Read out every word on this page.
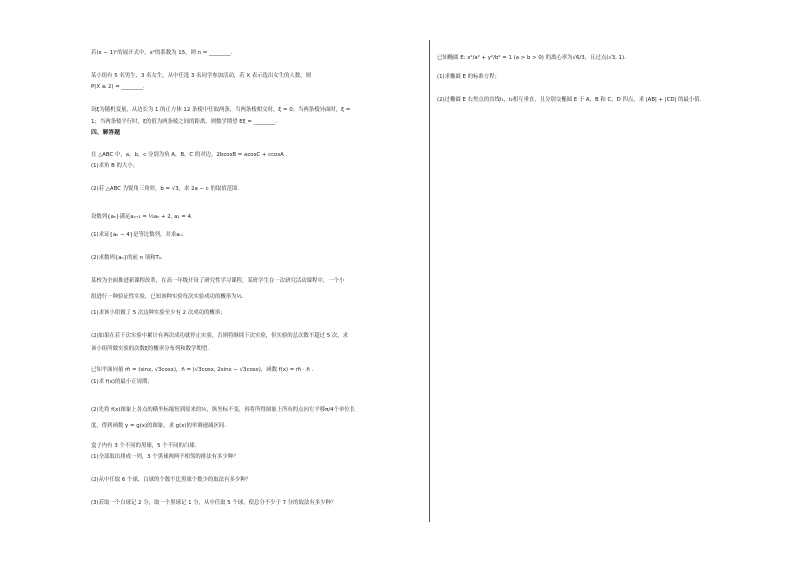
若(x − 1)ⁿ的展开式中，x²的系数为 15，则 n = ________.
某小组有 5 名男生、3 名女生，从中任选 3 名同学参加活动，若 X 表示选出女生的人数，则
P(X ≥ 2) = ________.
设ξ为随机变量，从边长为 1 的正方体 12 条棱中任取两条，当两条棱相交时，ξ = 0；当两条棱异面时，ξ =
1；当两条棱平行时，ξ的值为两条棱之间的距离，则数学期望 Eξ = ________.
四、解答题
在 △ABC 中，a，b，c 分别为角 A，B，C 的对边，2bcosB = acosC + ccosA .
(1)求角 B 的大小；
(2)若 △ABC 为锐角三角形，b = √3，求 2a − c 的取值范围.
设数列{aₙ}满足aₙ₊₁ = ½aₙ + 2, a₁ = 4.
(1)求证{aₙ − 4}是等比数列，并求aₙ；
(2)求数列{aₙ}的前 n 项和Tₙ.
某校为全面推进新课程改革，在高一年级开设了研究性学习课程，某班学生在一次研究活动课程中，一个小
组进行一种验证性实验，已知该种实验每次实验成功的概率为½.
(1)求该小组做了 5 次这种实验至少有 2 次成功的概率；
(2)如果在若干次实验中累计有两次成功就停止实验，否则将继续下次实验，但实验的总次数不超过 5 次，求
该小组所做实验的次数ξ的概率分布列和数学期望.
已知平面向量 m⃗ = (sinx, √3cosx)，n⃗ = (√3cosx, 2sinx − √3cosx)，函数 f(x) = m⃗ · n⃗ .
(1)求 f(x)的最小正周期；
(2)先将 f(x)图象上各点的横坐标缩短到原来的½，纵坐标不变，再将所得图象上所有的点向左平移π/4个单位长
度，得到函数 y = g(x)的图象，求 g(x)的单调递减区间.
盒子内有 3 个不同的黑球，5 个不同的白球.
(1)全部取出排成一列，3 个黑球两两不相邻的排法有多少种？
(2)从中任取 6 个球，白球的个数不比黑球个数少的取法有多少种？
(3)若取一个白球记 2 分，取一个黑球记 1 分，从中任取 5 个球，使总分不少于 7 分的取法有多少种？
已知椭圆 E: x²/a² + y²/b² = 1 (a > b > 0) 的离心率为√6/3，且过点(√3, 1).
(1)求椭圆 E 的标准方程；
(2)过椭圆 E 右焦点的直线l₁，l₂相互垂直，且分别交椭圆 E 于 A，B 和 C，D 四点，求 |AB| + |CD| 的最小值.
